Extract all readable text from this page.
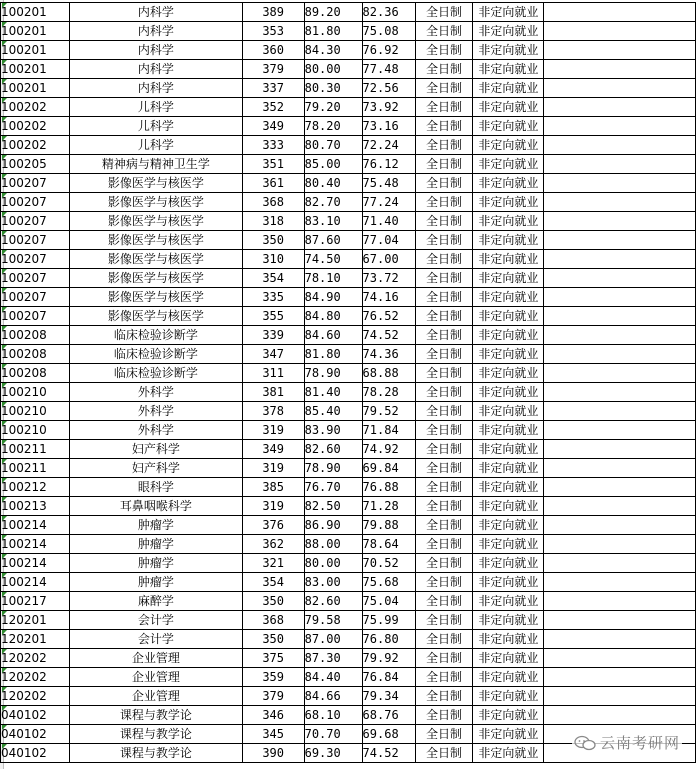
100201	内科学	389	89.20	82.36	全日制	非定向就业	
100201	内科学	353	81.80	75.08	全日制	非定向就业	
100201	内科学	360	84.30	76.92	全日制	非定向就业	
100201	内科学	379	80.00	77.48	全日制	非定向就业	
100201	内科学	337	80.30	72.56	全日制	非定向就业	
100202	儿科学	352	79.20	73.92	全日制	非定向就业	
100202	儿科学	349	78.20	73.16	全日制	非定向就业	
100202	儿科学	333	80.70	72.24	全日制	非定向就业	
100205	精神病与精神卫生学	351	85.00	76.12	全日制	非定向就业	
100207	影像医学与核医学	361	80.40	75.48	全日制	非定向就业	
100207	影像医学与核医学	368	82.70	77.24	全日制	非定向就业	
100207	影像医学与核医学	318	83.10	71.40	全日制	非定向就业	
100207	影像医学与核医学	350	87.60	77.04	全日制	非定向就业	
100207	影像医学与核医学	310	74.50	67.00	全日制	非定向就业	
100207	影像医学与核医学	354	78.10	73.72	全日制	非定向就业	
100207	影像医学与核医学	335	84.90	74.16	全日制	非定向就业	
100207	影像医学与核医学	355	84.80	76.52	全日制	非定向就业	
100208	临床检验诊断学	339	84.60	74.52	全日制	非定向就业	
100208	临床检验诊断学	347	81.80	74.36	全日制	非定向就业	
100208	临床检验诊断学	311	78.90	68.88	全日制	非定向就业	
100210	外科学	381	81.40	78.28	全日制	非定向就业	
100210	外科学	378	85.40	79.52	全日制	非定向就业	
100210	外科学	319	83.90	71.84	全日制	非定向就业	
100211	妇产科学	349	82.60	74.92	全日制	非定向就业	
100211	妇产科学	319	78.90	69.84	全日制	非定向就业	
100212	眼科学	385	76.70	76.88	全日制	非定向就业	
100213	耳鼻咽喉科学	319	82.50	71.28	全日制	非定向就业	
100214	肿瘤学	376	86.90	79.88	全日制	非定向就业	
100214	肿瘤学	362	88.00	78.64	全日制	非定向就业	
100214	肿瘤学	321	80.00	70.52	全日制	非定向就业	
100214	肿瘤学	354	83.00	75.68	全日制	非定向就业	
100217	麻醉学	350	82.60	75.04	全日制	非定向就业	
120201	会计学	368	79.58	75.99	全日制	非定向就业	
120201	会计学	350	87.00	76.80	全日制	非定向就业	
120202	企业管理	375	87.30	79.92	全日制	非定向就业	
120202	企业管理	359	84.40	76.84	全日制	非定向就业	
120202	企业管理	379	84.66	79.34	全日制	非定向就业	
040102	课程与教学论	346	68.10	68.76	全日制	非定向就业	
040102	课程与教学论	345	70.70	69.68	全日制	非定向就业	
040102	课程与教学论	390	69.30	74.52	全日制	非定向就业	
云南考研网
